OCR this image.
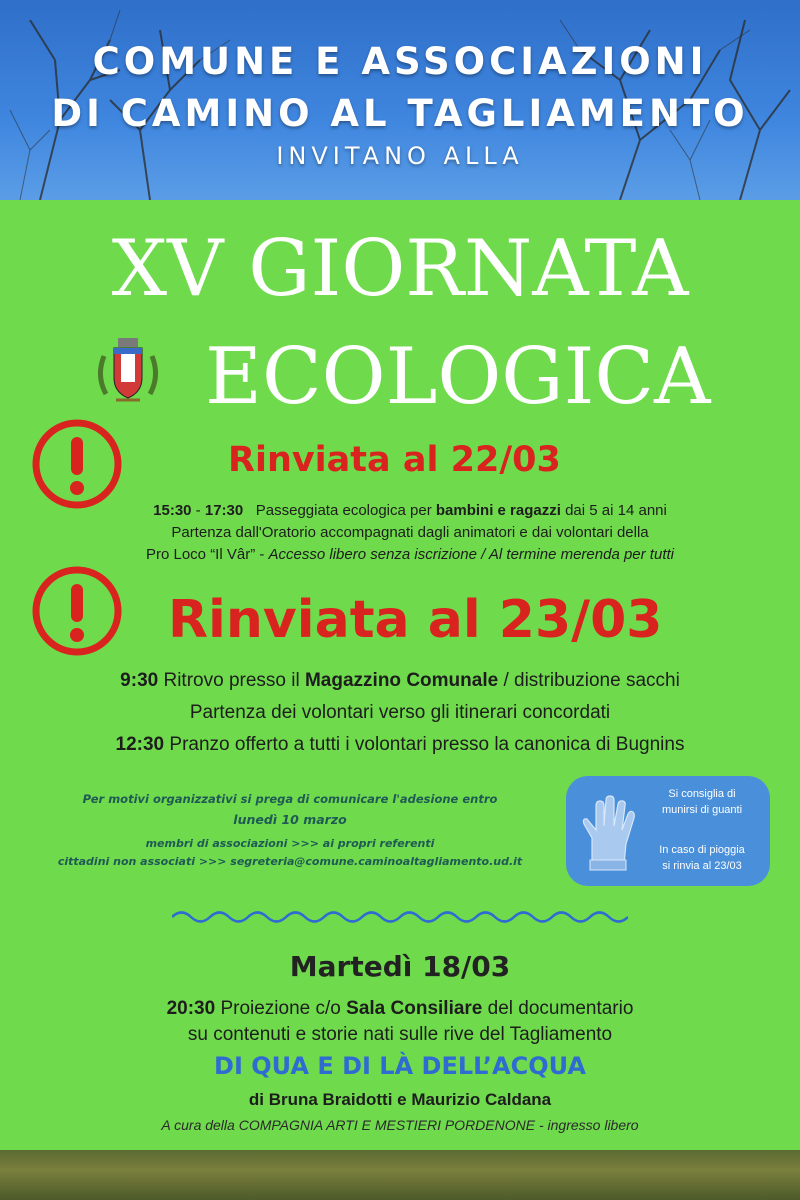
COMUNE E ASSOCIAZIONI
DI CAMINO AL TAGLIAMENTO
INVITANO ALLA
XV GIORNATA
ECOLOGICA
Rinviata al 22/03
15:30 - 17:30 Passeggiata ecologica per bambini e ragazzi dai 5 ai 14 anni
Partenza dall'Oratorio accompagnati dagli animatori e dai volontari della
Pro Loco “Il Vâr” - Accesso libero senza iscrizione / Al termine merenda per tutti
Rinviata al 23/03
9:30 Ritrovo presso il Magazzino Comunale / distribuzione sacchi
Partenza dei volontari verso gli itinerari concordati
12:30 Pranzo offerto a tutti i volontari presso la canonica di Bugnins
Per motivi organizzativi si prega di comunicare l'adesione entro
lunedì 10 marzo
membri di associazioni >>> ai propri referenti
cittadini non associati >>> segreteria@comune.caminoaltagliamento.ud.it
Si consiglia di
munirsi di guanti
In caso di pioggia
si rinvia al 23/03
Martedì 18/03
20:30 Proiezione c/o Sala Consiliare del documentario
su contenuti e storie nati sulle rive del Tagliamento
DI QUA E DI LÀ DELL’ACQUA
di Bruna Braidotti e Maurizio Caldana
A cura della COMPAGNIA ARTI E MESTIERI PORDENONE - ingresso libero
